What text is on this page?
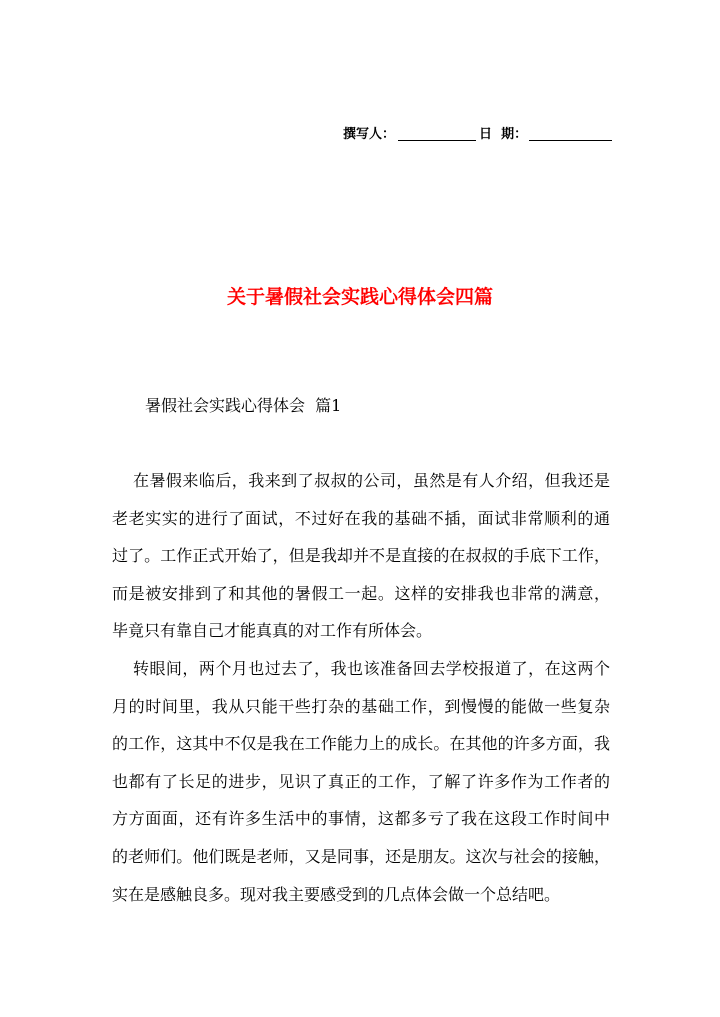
撰写人：	日  期：
关于暑假社会实践心得体会四篇
暑假社会实践心得体会  篇1
在暑假来临后，我来到了叔叔的公司，虽然是有人介绍，但我还是
老老实实的进行了面试，不过好在我的基础不插，面试非常顺利的通
过了。工作正式开始了，但是我却并不是直接的在叔叔的手底下工作，
而是被安排到了和其他的暑假工一起。这样的安排我也非常的满意，
毕竟只有靠自己才能真真的对工作有所体会。
转眼间，两个月也过去了，我也该准备回去学校报道了，在这两个
月的时间里，我从只能干些打杂的基础工作，到慢慢的能做一些复杂
的工作，这其中不仅是我在工作能力上的成长。在其他的许多方面，我
也都有了长足的进步，见识了真正的工作，了解了许多作为工作者的
方方面面，还有许多生活中的事情，这都多亏了我在这段工作时间中
的老师们。他们既是老师，又是同事，还是朋友。这次与社会的接触，
实在是感触良多。现对我主要感受到的几点体会做一个总结吧。
